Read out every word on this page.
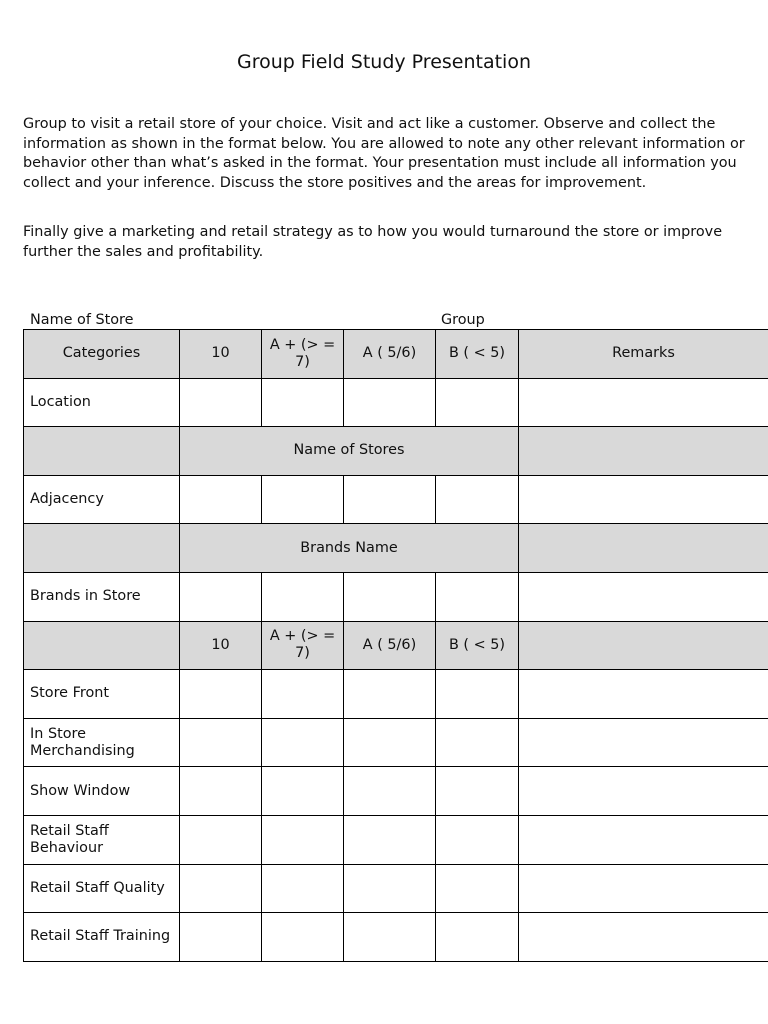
Group Field Study Presentation

Group to visit a retail store of your choice. Visit and act like a customer. Observe and collect the information as shown in the format below. You are allowed to note any other relevant information or behavior other than what’s asked in the format. Your presentation must include all information you collect and your inference. Discuss the store positives and the areas for improvement.

Finally give a marketing and retail strategy as to how you would turnaround the store or improve further the sales and profitability.

Name of Store	Group
Categories	10	A + (> = 7)	A ( 5/6)	B ( < 5)	Remarks
Location					
	Name of Stores				
Adjacency					
	Brands Name				
Brands in Store					
	10	A + (> = 7)	A ( 5/6)	B ( < 5)	
Store Front					
In Store Merchandising					
Show Window					
Retail Staff Behaviour					
Retail Staff Quality					
Retail Staff Training					
